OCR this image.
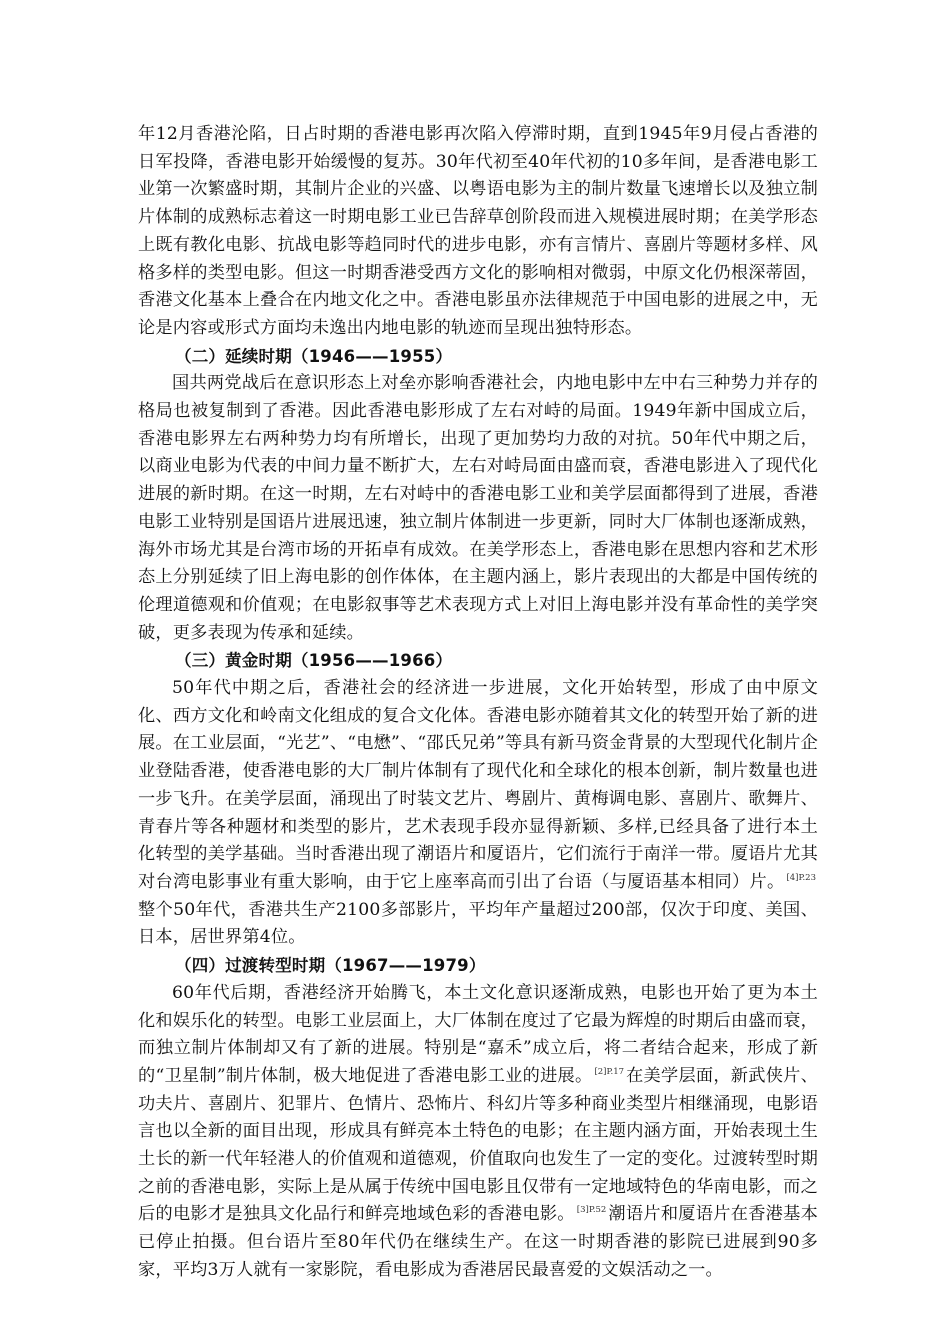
年12月香港沦陷，日占时期的香港电影再次陷入停滞时期，直到1945年9月侵占香港的日军投降，香港电影开始缓慢的复苏。30年代初至40年代初的10多年间，是香港电影工业第一次繁盛时期，其制片企业的兴盛、以粤语电影为主的制片数量飞速增长以及独立制片体制的成熟标志着这一时期电影工业已告辞草创阶段而进入规模进展时期；在美学形态上既有教化电影、抗战电影等趋同时代的进步电影，亦有言情片、喜剧片等题材多样、风格多样的类型电影。但这一时期香港受西方文化的影响相对微弱，中原文化仍根深蒂固，香港文化基本上叠合在内地文化之中。香港电影虽亦法律规范于中国电影的进展之中，无论是内容或形式方面均未逸出内地电影的轨迹而呈现出独特形态。

（二）延续时期（1946——1955）

国共两党战后在意识形态上对垒亦影响香港社会，内地电影中左中右三种势力并存的格局也被复制到了香港。因此香港电影形成了左右对峙的局面。1949年新中国成立后，香港电影界左右两种势力均有所增长，出现了更加势均力敌的对抗。50年代中期之后，以商业电影为代表的中间力量不断扩大，左右对峙局面由盛而衰，香港电影进入了现代化进展的新时期。在这一时期，左右对峙中的香港电影工业和美学层面都得到了进展，香港电影工业特别是国语片进展迅速，独立制片体制进一步更新，同时大厂体制也逐渐成熟，海外市场尤其是台湾市场的开拓卓有成效。在美学形态上，香港电影在思想内容和艺术形态上分别延续了旧上海电影的创作体体，在主题内涵上，影片表现出的大都是中国传统的伦理道德观和价值观；在电影叙事等艺术表现方式上对旧上海电影并没有革命性的美学突破，更多表现为传承和延续。

（三）黄金时期（1956——1966）

50年代中期之后，香港社会的经济进一步进展，文化开始转型，形成了由中原文化、西方文化和岭南文化组成的复合文化体。香港电影亦随着其文化的转型开始了新的进展。在工业层面，“光艺”、“电懋”、“邵氏兄弟”等具有新马资金背景的大型现代化制片企业登陆香港，使香港电影的大厂制片体制有了现代化和全球化的根本创新，制片数量也进一步飞升。在美学层面，涌现出了时装文艺片、粤剧片、黄梅调电影、喜剧片、歌舞片、青春片等各种题材和类型的影片，艺术表现手段亦显得新颖、多样,已经具备了进行本土化转型的美学基础。当时香港出现了潮语片和厦语片，它们流行于南洋一带。厦语片尤其对台湾电影事业有重大影响，由于它上座率高而引出了台语（与厦语基本相同）片。 $^{[4]P.23}$整个50年代，香港共生产2100多部影片，平均年产量超过200部，仅次于印度、美国、日本，居世界第4位。

（四）过渡转型时期（1967——1979）

60年代后期，香港经济开始腾飞，本土文化意识逐渐成熟，电影也开始了更为本土化和娱乐化的转型。电影工业层面上，大厂体制在度过了它最为辉煌的时期后由盛而衰，而独立制片体制却又有了新的进展。特别是“嘉禾”成立后，将二者结合起来，形成了新的“卫星制”制片体制，极大地促进了香港电影工业的进展。 $^{[2]P.17}$ 在美学层面，新武侠片、功夫片、喜剧片、犯罪片、色情片、恐怖片、科幻片等多种商业类型片相继涌现，电影语言也以全新的面目出现，形成具有鲜亮本土特色的电影；在主题内涵方面，开始表现土生土长的新一代年轻港人的价值观和道德观，价值取向也发生了一定的变化。过渡转型时期之前的香港电影，实际上是从属于传统中国电影且仅带有一定地域特色的华南电影，而之后的电影才是独具文化品行和鲜亮地域色彩的香港电影。 $^{[3]P.52}$ 潮语片和厦语片在香港基本已停止拍摄。但台语片至80年代仍在继续生产。在这一时期香港的影院已进展到90多家，平均3万人就有一家影院，看电影成为香港居民最喜爱的文娱活动之一。
